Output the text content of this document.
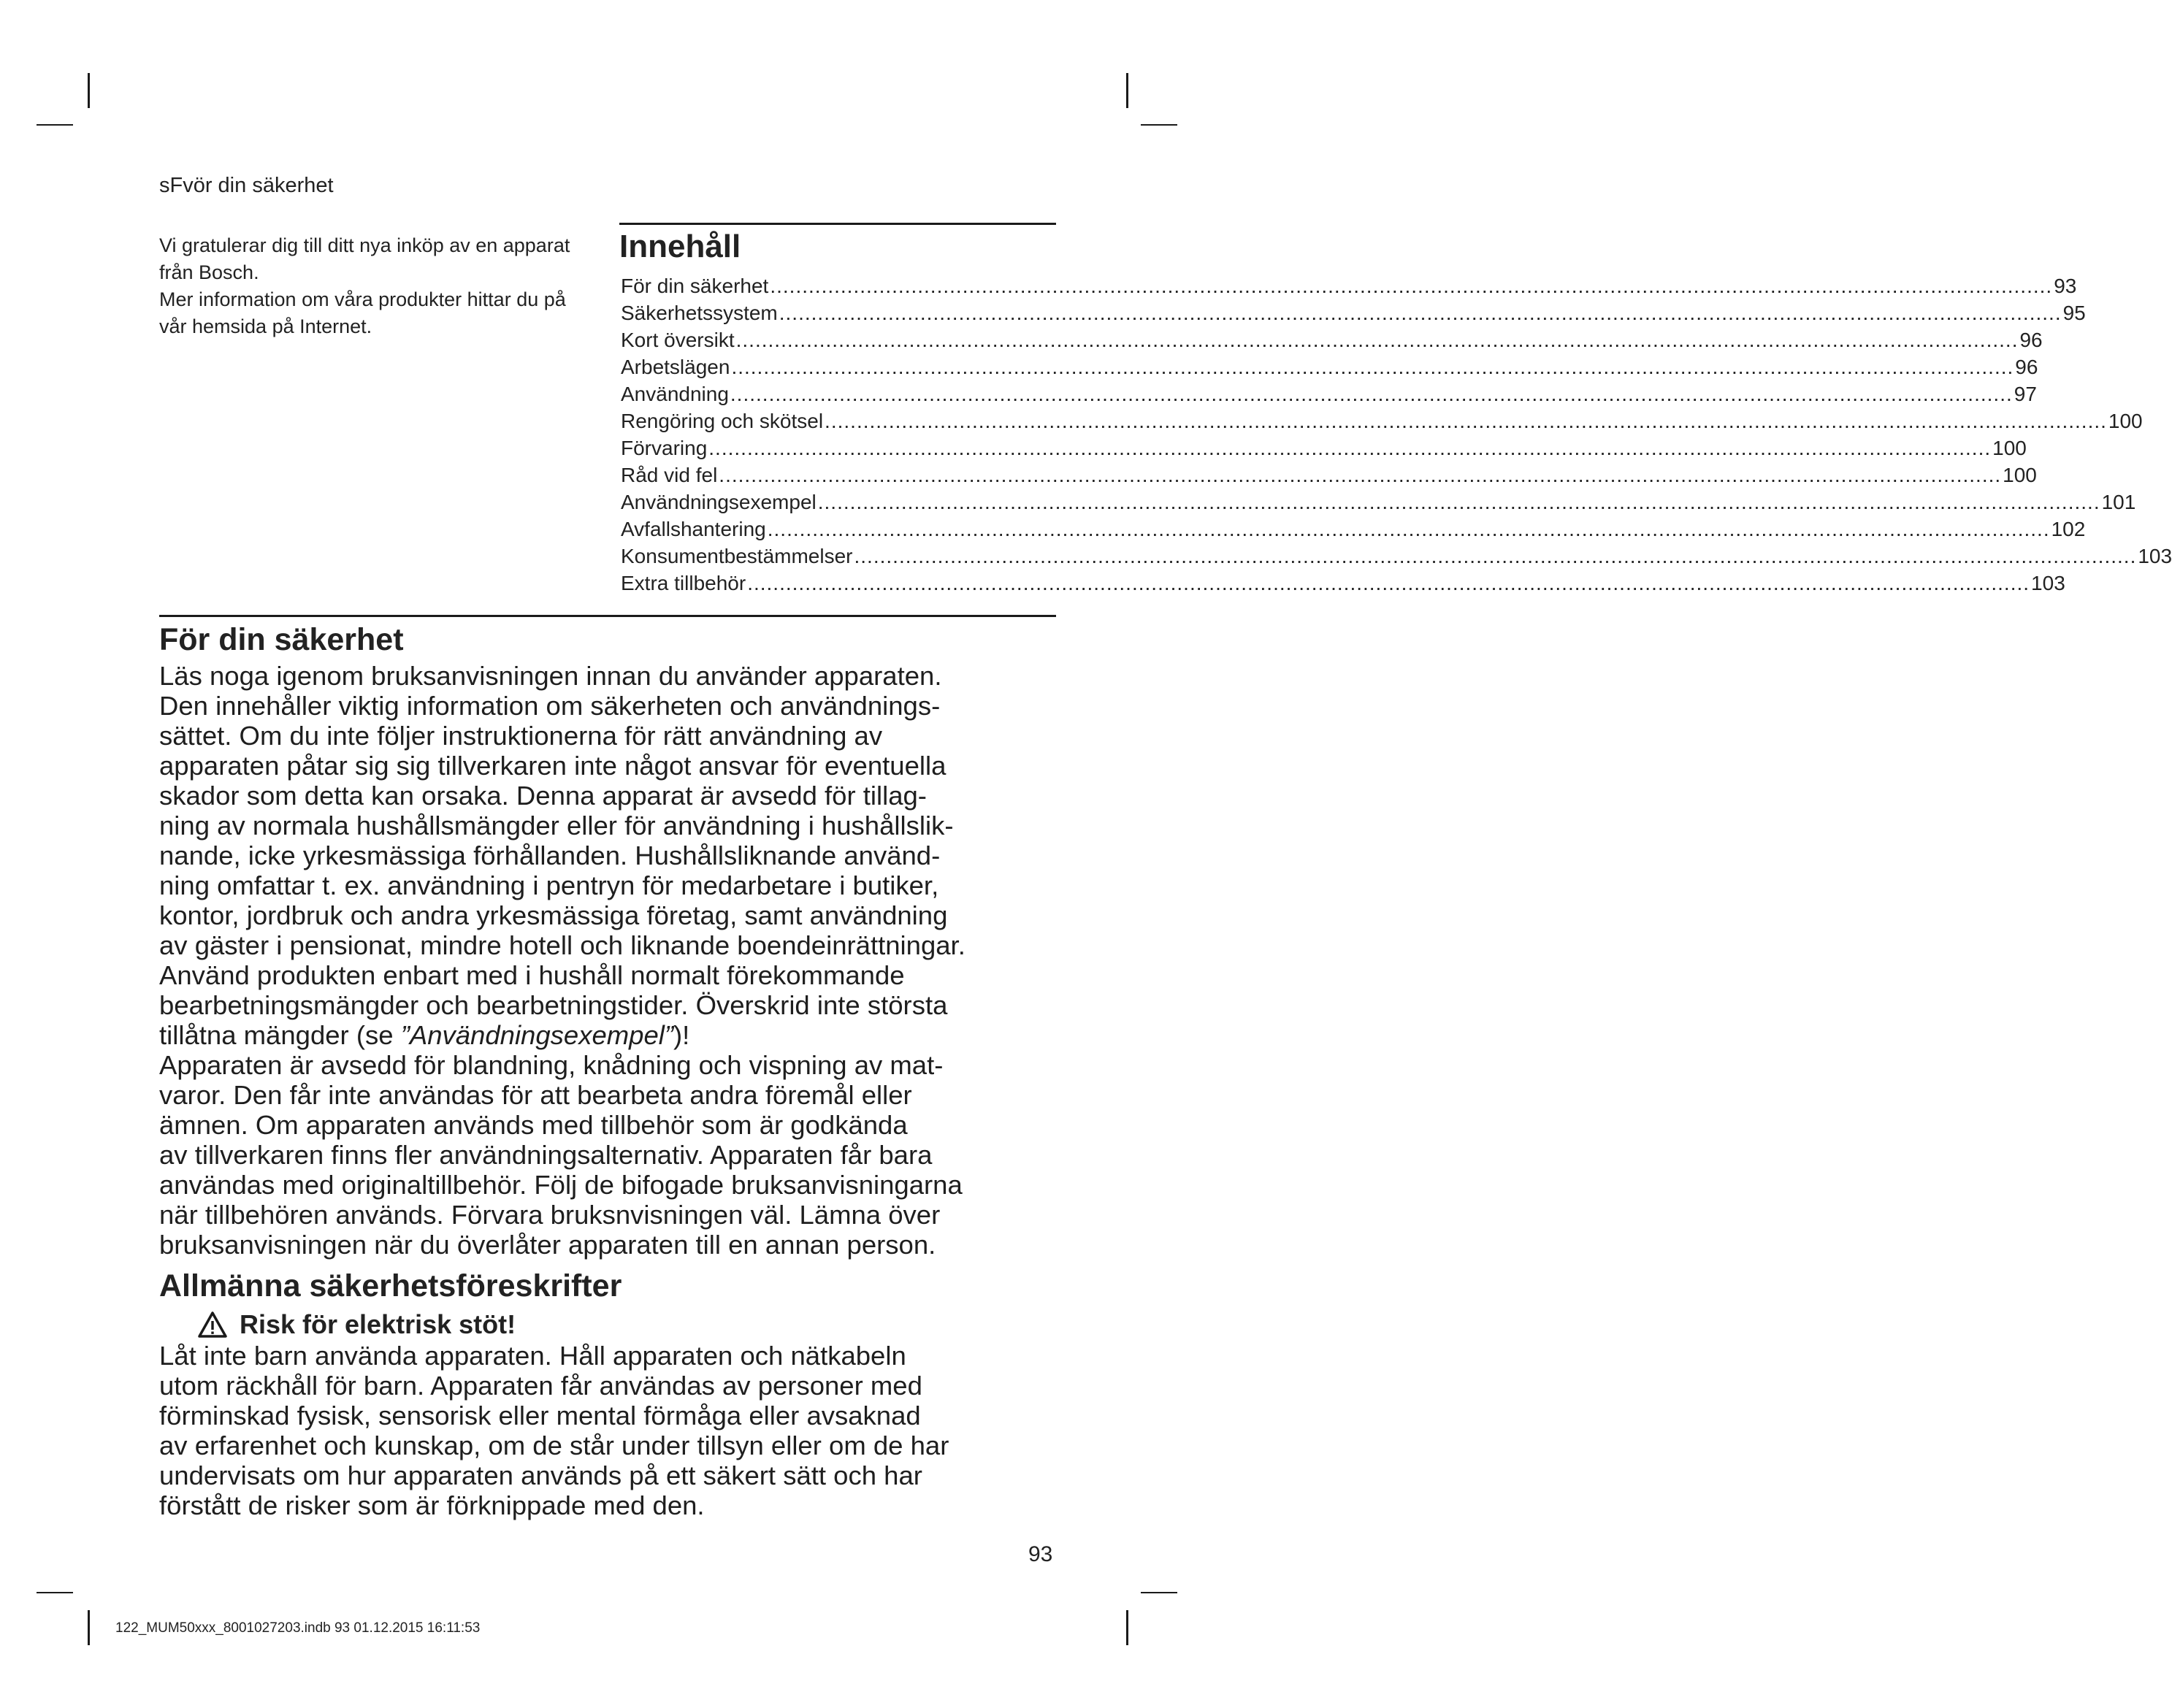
sFvör din säkerhet

Vi gratulerar dig till ditt nya inköp av en apparat från Bosch.

Mer information om våra produkter hittar du på vår hemsida på Internet.

Innehåll
För din säkerhet ........................................................................................................................................................................................................ 93
Säkerhetssystem ........................................................................................................................................................................................................ 95
Kort översikt ........................................................................................................................................................................................................ 96
Arbetslägen ........................................................................................................................................................................................................ 96
Användning ........................................................................................................................................................................................................ 97
Rengöring och skötsel ........................................................................................................................................................................................................ 100
Förvaring ........................................................................................................................................................................................................ 100
Råd vid fel ........................................................................................................................................................................................................ 100
Användningsexempel ........................................................................................................................................................................................................ 101
Avfallshantering ........................................................................................................................................................................................................ 102
Konsumentbestämmelser ........................................................................................................................................................................................................ 103
Extra tillbehör ........................................................................................................................................................................................................ 103
För din säkerhet

Läs noga igenom bruksanvisningen innan du använder apparaten.

Den innehåller viktig information om säkerheten och användnings-

sättet. Om du inte följer instruktionerna för rätt användning av

apparaten påtar sig sig tillverkaren inte något ansvar för eventuella

skador som detta kan orsaka. Denna apparat är avsedd för tillag-

ning av normala hushållsmängder eller för användning i hushållslik-

nande, icke yrkesmässiga förhållanden. Hushållsliknande använd-

ning omfattar t. ex. användning i pentryn för medarbetare i butiker,

kontor, jordbruk och andra yrkesmässiga företag, samt användning

av gäster i pensionat, mindre hotell och liknande boendeinrättningar.

Använd produkten enbart med i hushåll normalt förekommande

bearbetningsmängder och bearbetningstider. Överskrid inte största

tillåtna mängder (se ”Användningsexempel”)!

Apparaten är avsedd för blandning, knådning och vispning av mat-

varor. Den får inte användas för att bearbeta andra föremål eller

ämnen. Om apparaten används med tillbehör som är godkända

av tillverkaren finns fler användningsalternativ. Apparaten får bara

användas med originaltillbehör. Följ de bifogade bruksanvisningarna

när tillbehören används. Förvara bruksnvisningen väl. Lämna över

bruksanvisningen när du överlåter apparaten till en annan person.

Allmänna säkerhetsföreskrifter
Risk för elektrisk stöt!

Låt inte barn använda apparaten. Håll apparaten och nätkabeln

utom räckhåll för barn. Apparaten får användas av personer med

förminskad fysisk, sensorisk eller mental förmåga eller avsaknad

av erfarenhet och kunskap, om de står under tillsyn eller om de har

undervisats om hur apparaten används på ett säkert sätt och har

förstått de risker som är förknippade med den.

93
122_MUM50xxx_8001027203.indb 93 01.12.2015 16:11:53
